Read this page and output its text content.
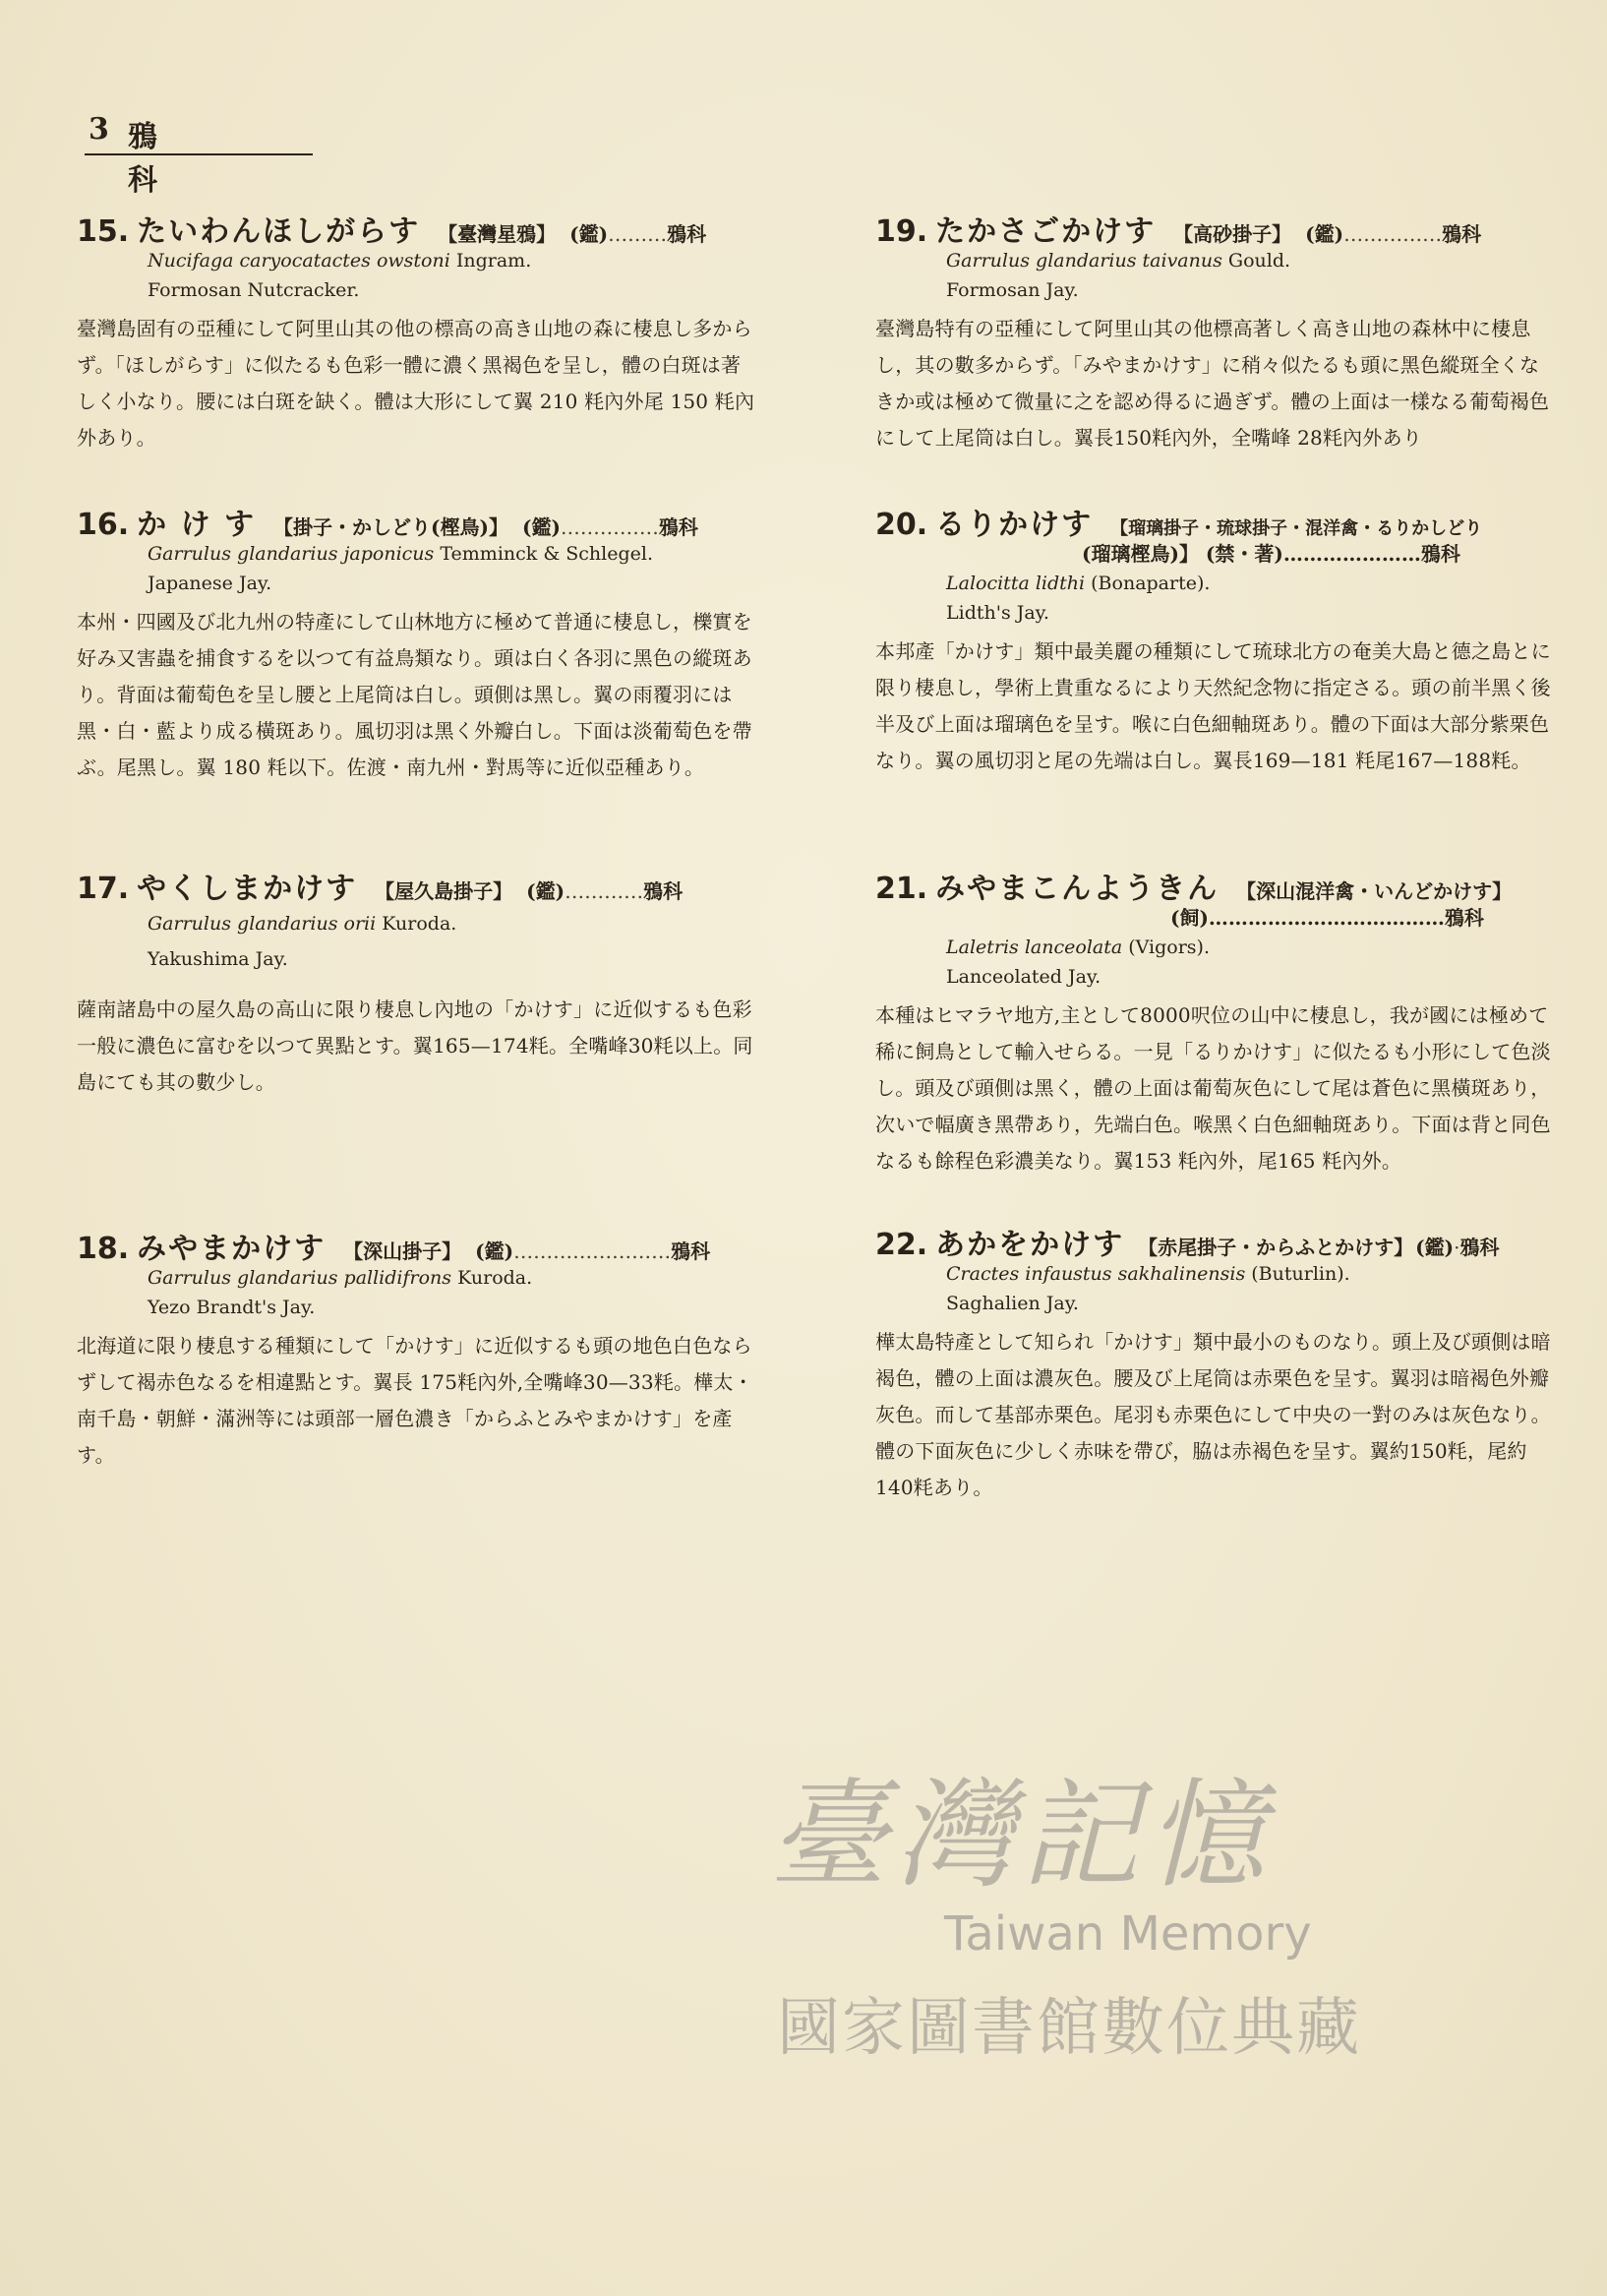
3 鴉 科
15. たいわんほしがらす 【臺灣星鴉】 (鑑)………鴉科
Nucifaga caryocatactes owstoni Ingram.
Formosan Nutcracker.
臺灣島固有の亞種にして阿里山其の他の標高の高き山地の森に棲息し多からず。「ほしがらす」に似たるも色彩一體に濃く黑褐色を呈し，體の白斑は著しく小なり。腰には白斑を缺く。體は大形にして翼 210 粍內外尾 150 粍內外あり。
16. か け す 【掛子・かしどり(樫鳥)】 (鑑)……………鴉科
Garrulus glandarius japonicus Temminck & Schlegel.
Japanese Jay.
本州・四國及び北九州の特產にして山林地方に極めて普通に棲息し，櫟實を好み又害蟲を捕食するを以つて有益鳥類なり。頭は白く各羽に黑色の縱斑あり。背面は葡萄色を呈し腰と上尾筒は白し。頭側は黑し。翼の雨覆羽には黑・白・藍より成る橫斑あり。風切羽は黑く外瓣白し。下面は淡葡萄色を帶ぶ。尾黑し。翼 180 粍以下。佐渡・南九州・對馬等に近似亞種あり。
17. やくしまかけす 【屋久島掛子】 (鑑)…………鴉科
Garrulus glandarius orii Kuroda.
Yakushima Jay.
薩南諸島中の屋久島の高山に限り棲息し內地の「かけす」に近似するも色彩一般に濃色に富むを以つて異點とす。翼165—174粍。全嘴峰30粍以上。同島にても其の數少し。
18. みやまかけす 【深山掛子】 (鑑)……………………鴉科
Garrulus glandarius pallidifrons Kuroda.
Yezo Brandt's Jay.
北海道に限り棲息する種類にして「かけす」に近似するも頭の地色白色ならずして褐赤色なるを相違點とす。翼長 175粍內外,全嘴峰30—33粍。樺太・南千島・朝鮮・滿洲等には頭部一層色濃き「からふとみやまかけす」を產す。
19. たかさごかけす 【高砂掛子】 (鑑)……………鴉科
Garrulus glandarius taivanus Gould.
Formosan Jay.
臺灣島特有の亞種にして阿里山其の他標高著しく高き山地の森林中に棲息し，其の數多からず。「みやまかけす」に稍々似たるも頭に黑色縱斑全くなきか或は極めて微量に之を認め得るに過ぎず。體の上面は一樣なる葡萄褐色にして上尾筒は白し。翼長150粍內外，全嘴峰 28粍內外あり
20. るりかけす 【瑠璃掛子・琉球掛子・混洋禽・るりかしどり
(瑠璃樫鳥)】 (禁・著)…………………鴉科
Lalocitta lidthi (Bonaparte).
Lidth's Jay.
本邦產「かけす」類中最美麗の種類にして琉球北方の奄美大島と德之島とに限り棲息し，學術上貴重なるにより天然紀念物に指定さる。頭の前半黑く後半及び上面は瑠璃色を呈す。喉に白色細軸斑あり。體の下面は大部分紫栗色なり。翼の風切羽と尾の先端は白し。翼長169—181 粍尾167—188粍。
21. みやまこんようきん 【深山混洋禽・いんどかけす】
(飼)………………………………鴉科
Laletris lanceolata (Vigors).
Lanceolated Jay.
本種はヒマラヤ地方,主として8000呎位の山中に棲息し，我が國には極めて稀に飼鳥として輸入せらる。一見「るりかけす」に似たるも小形にして色淡し。頭及び頭側は黑く，體の上面は葡萄灰色にして尾は蒼色に黑橫斑あり，次いで幅廣き黑帶あり，先端白色。喉黑く白色細軸斑あり。下面は背と同色なるも餘程色彩濃美なり。翼153 粍內外，尾165 粍內外。
22. あかをかけす 【赤尾掛子・からふとかけす】 (鑑)·鴉科
Cractes infaustus sakhalinensis (Buturlin).
Saghalien Jay.
樺太島特產として知られ「かけす」類中最小のものなり。頭上及び頭側は暗褐色，體の上面は濃灰色。腰及び上尾筒は赤栗色を呈す。翼羽は暗褐色外瓣灰色。而して基部赤栗色。尾羽も赤栗色にして中央の一對のみは灰色なり。體の下面灰色に少しく赤味を帶び，脇は赤褐色を呈す。翼約150粍，尾約140粍あり。
臺灣記憶
Taiwan Memory
國家圖書館數位典藏
